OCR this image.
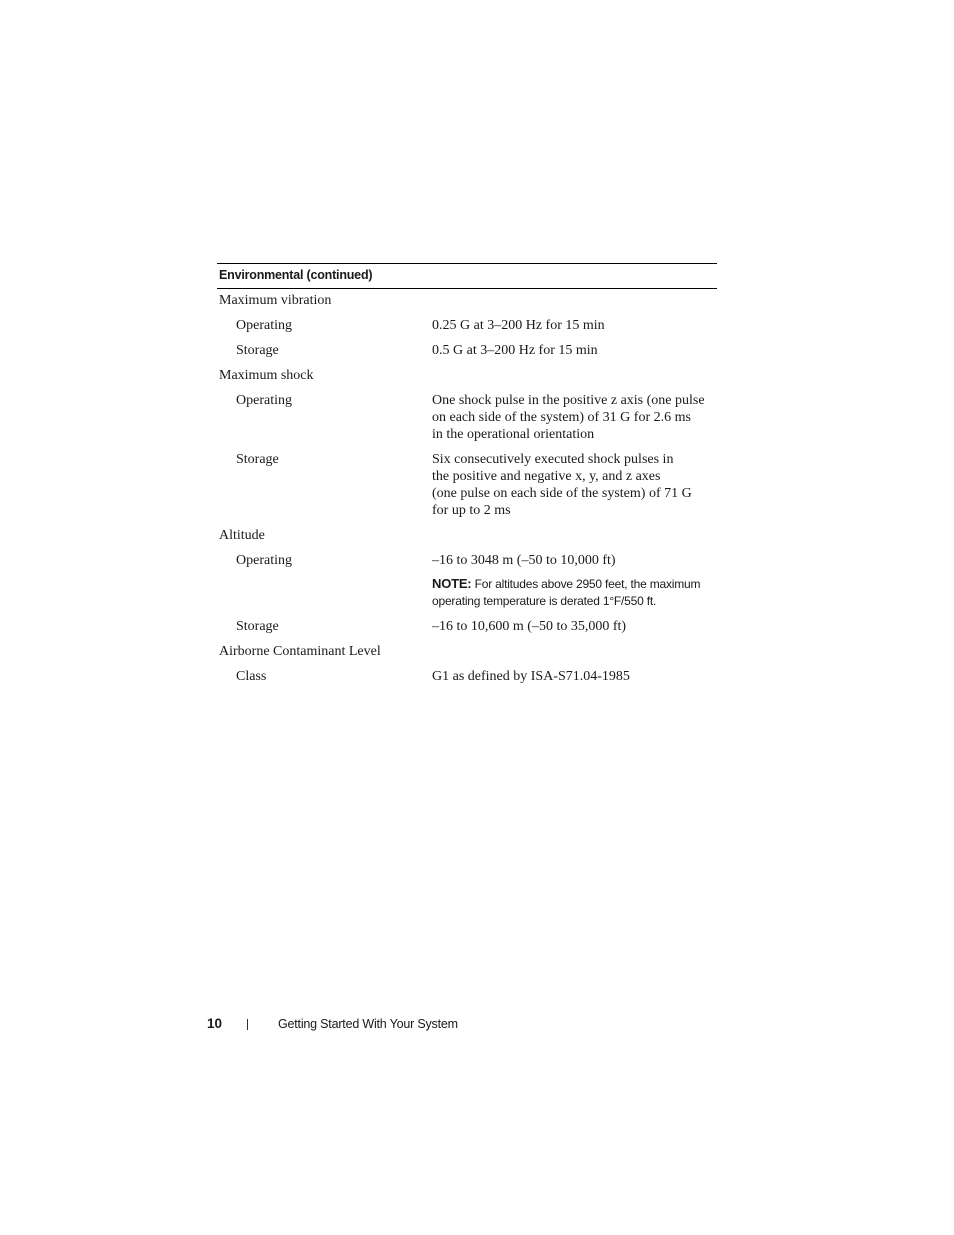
Environmental (continued)
Maximum vibration
Operating	0.25 G at 3–200 Hz for 15 min
Storage	0.5 G at 3–200 Hz for 15 min
Maximum shock
Operating	One shock pulse in the positive z axis (one pulse
on each side of the system) of 31 G for 2.6 ms
in the operational orientation
Storage	Six consecutively executed shock pulses in
the positive and negative x, y, and z axes
(one pulse on each side of the system) of 71 G
for up to 2 ms
Altitude
Operating	–16 to 3048 m (–50 to 10,000 ft)
NOTE: For altitudes above 2950 feet, the maximum
operating temperature is derated 1°F/550 ft.
Storage	–16 to 10,600 m (–50 to 35,000 ft)
Airborne Contaminant Level
Class	G1 as defined by ISA-S71.04-1985
10	Getting Started With Your System
